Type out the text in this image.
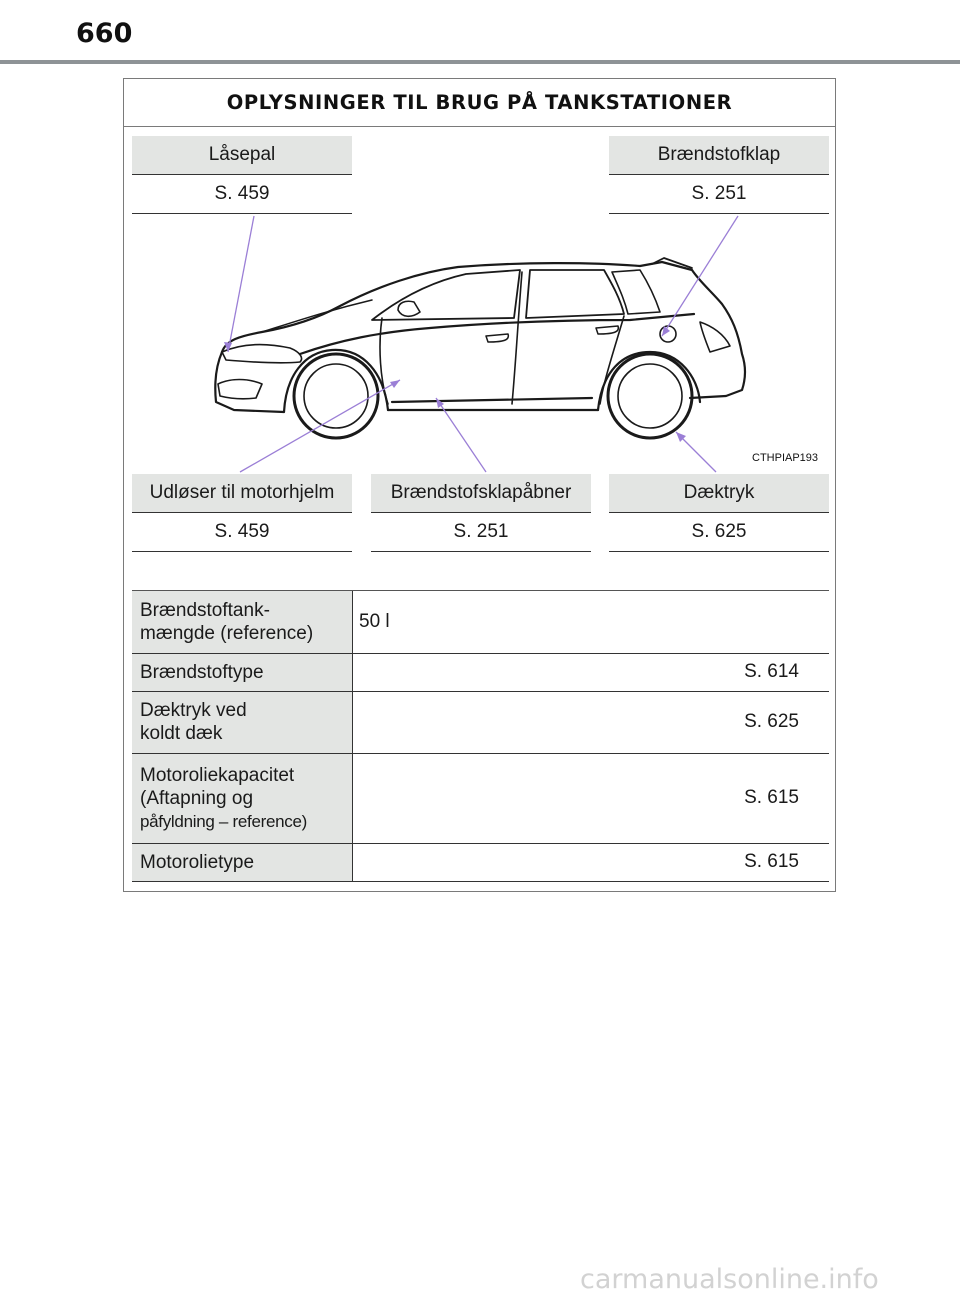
660
OPLYSNINGER TIL BRUG PÅ TANKSTATIONER
CTHPIAP193
Låsepal
S. 459
Brændstofklap
S. 251
Udløser til motorhjelm
S. 459
Brændstofsklapåbner
S. 251
Dæktryk
S. 625
Brændstoftank-
mængde (reference)	50 l

Brændstoftype	S. 614

Dæktryk ved
koldt dæk	S. 625

Motoroliekapacitet
(Aftapning og
påfyldning – reference)	S. 615

Motorolietype	S. 615
carmanualsonline.info
